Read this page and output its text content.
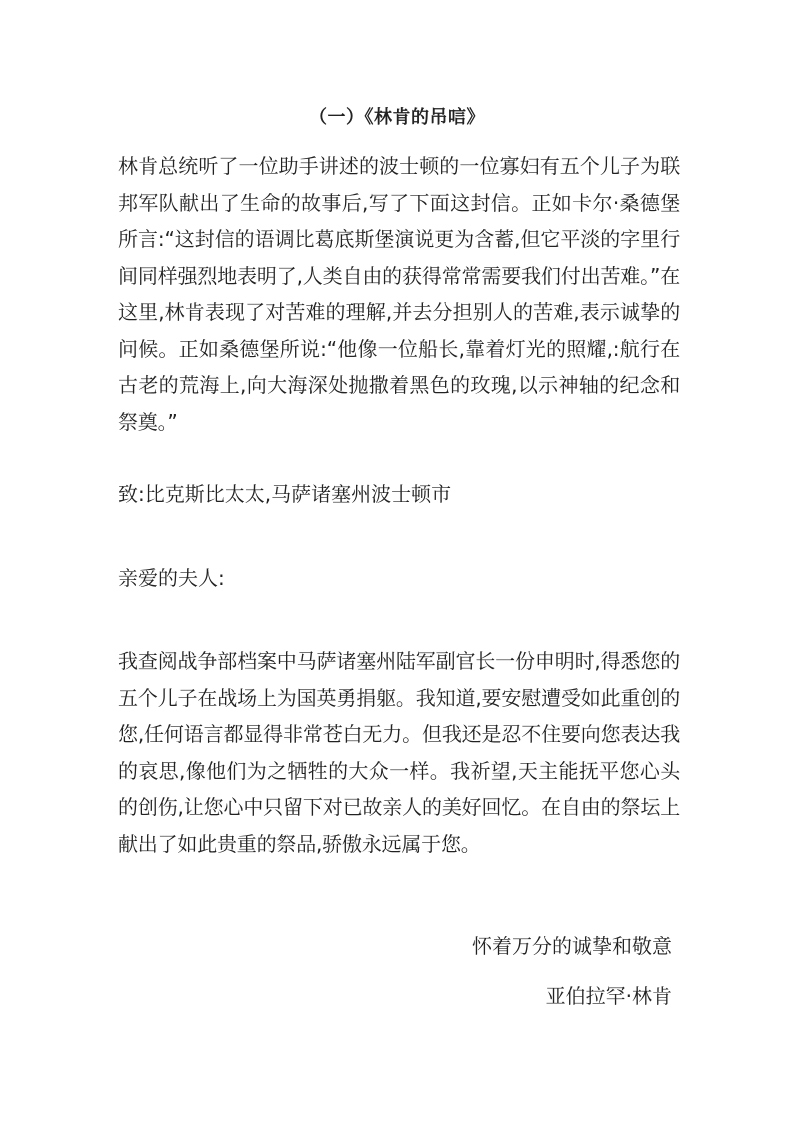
（一）《林肯的吊唁》
林肯总统听了一位助手讲述的波士顿的一位寡妇有五个儿子为联邦军队献出了生命的故事后,写了下面这封信。正如卡尔·桑德堡所言:“这封信的语调比葛底斯堡演说更为含蓄,但它平淡的字里行间同样强烈地表明了,人类自由的获得常常需要我们付出苦难。”在这里,林肯表现了对苦难的理解,并去分担别人的苦难,表示诚挚的问候。正如桑德堡所说:“他像一位船长,靠着灯光的照耀,:航行在古老的荒海上,向大海深处抛撒着黑色的玫瑰,以示神轴的纪念和祭奠。”
致:比克斯比太太,马萨诸塞州波士顿市
亲爱的夫人:
我查阅战争部档案中马萨诸塞州陆军副官长一份申明时,得悉您的五个儿子在战场上为国英勇捐躯。我知道,要安慰遭受如此重创的您,任何语言都显得非常苍白无力。但我还是忍不住要向您表达我的哀思,像他们为之牺牲的大众一样。我祈望,天主能抚平您心头的创伤,让您心中只留下对已故亲人的美好回忆。在自由的祭坛上献出了如此贵重的祭品,骄傲永远属于您。
怀着万分的诚挚和敬意
亚伯拉罕·林肯
